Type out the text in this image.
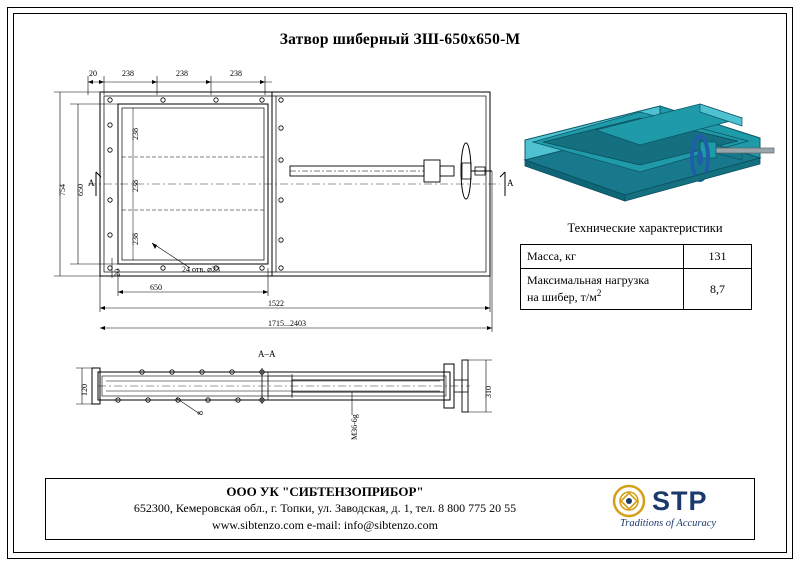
Затвор шиберный ЗШ-650х650-М
20	238	238	238
754 650
238
238
238
20
650
1522
1715...2403
24 отв. ⌀23
A	A
A–A
120	310
8
М36-6g
Технические характеристики
Масса, кг	131
Максимальная нагрузка
на шибер, $т/м^2$	8,7
ООО УК "СИБТЕНЗОПРИБОР"
652300, Кемеровская обл., г. Топки, ул. Заводская, д. 1, тел. 8 800 775 20 55
www.sibtenzo.com e-mail: info@sibtenzo.com
STP
Traditions of Accuracy
